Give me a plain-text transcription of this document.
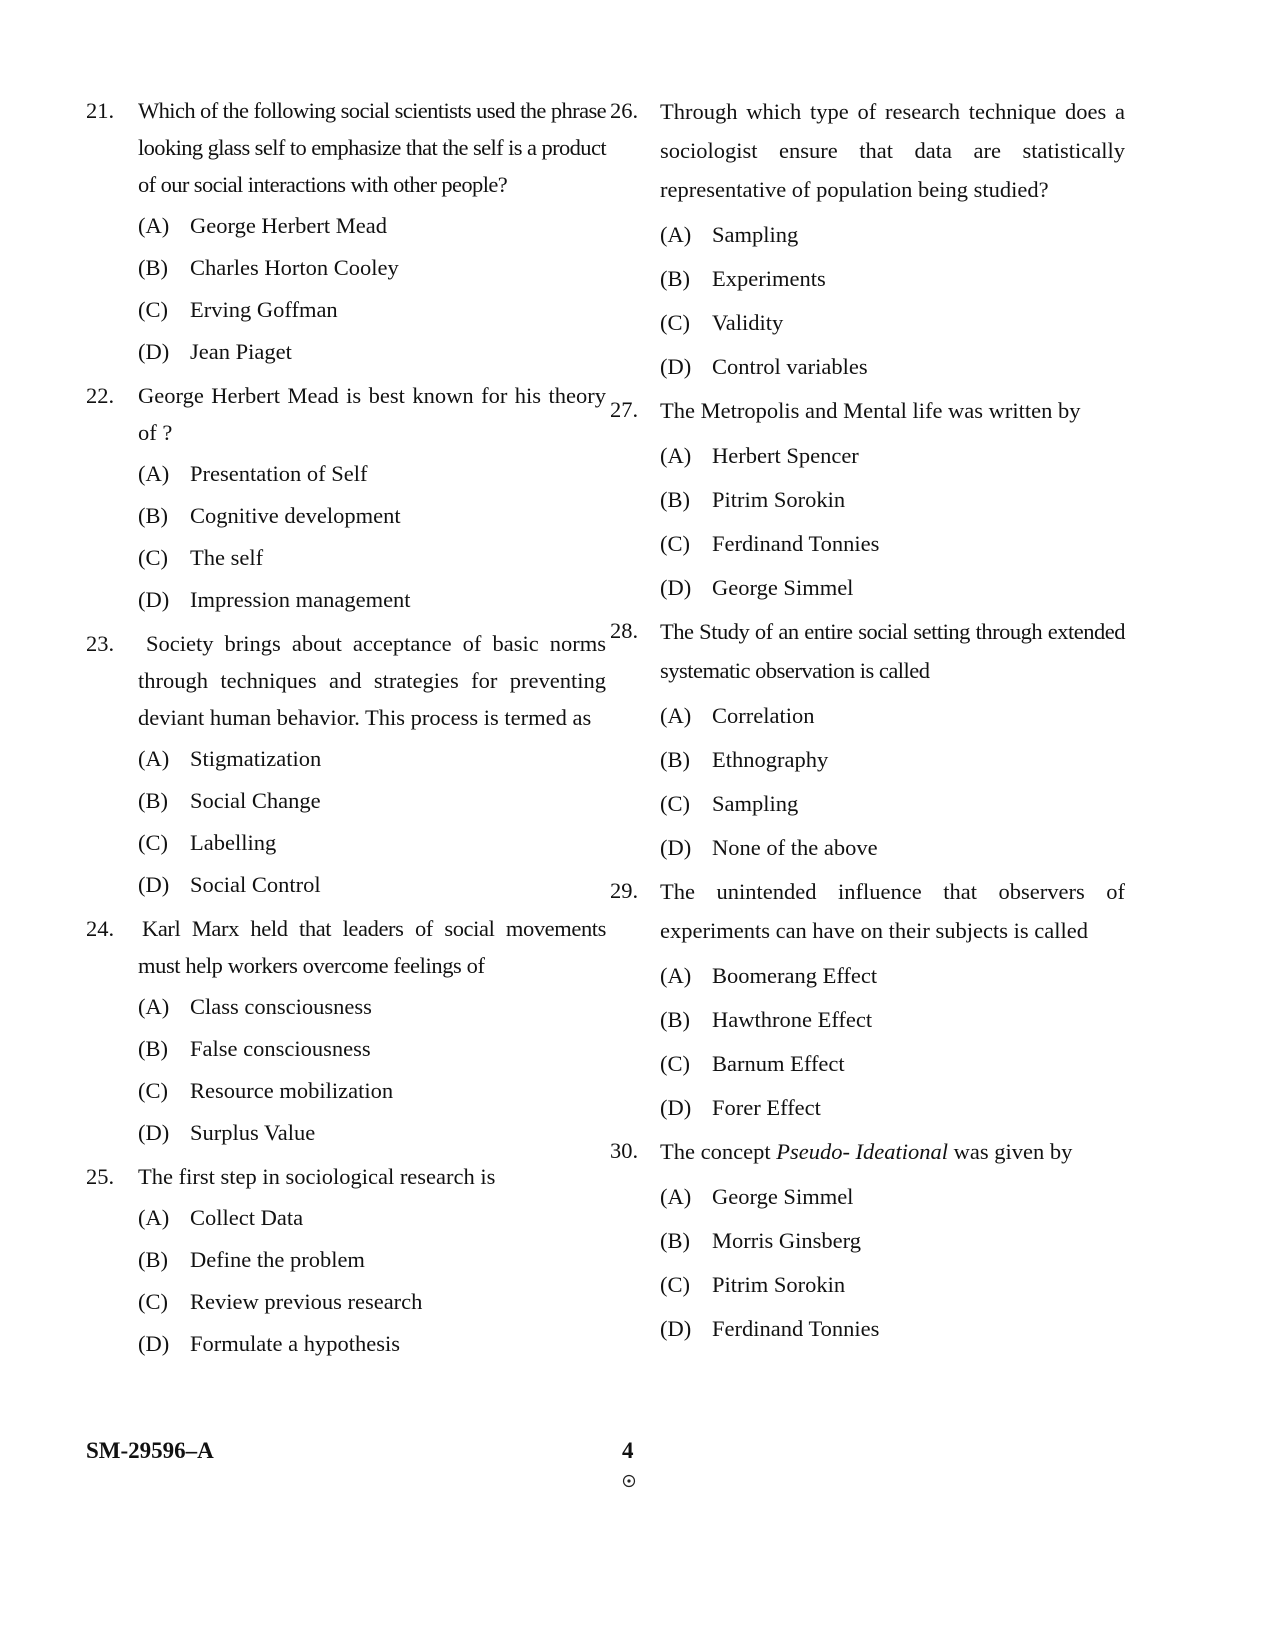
21. Which of the following social scientists used the phrase looking glass self to emphasize that the self is a product of our social interactions with other people?

(A) George Herbert Mead
(B) Charles Horton Cooley
(C) Erving Goffman
(D) Jean Piaget
22. George Herbert Mead is best known for his theory of ?

(A) Presentation of Self
(B) Cognitive development
(C) The self
(D) Impression management
23.	Society brings about acceptance of basic norms through techniques and strategies for preventing deviant human behavior. This process is termed as

(A) Stigmatization
(B) Social Change
(C) Labelling
(D) Social Control
24. Karl Marx held that leaders of social movements must help workers overcome feelings of

(A) Class consciousness
(B) False consciousness
(C) Resource mobilization
(D) Surplus Value
25. The first step in sociological research is

(A) Collect Data
(B) Define the problem
(C) Review previous research
(D) Formulate a hypothesis
26. Through which type of research technique does a sociologist ensure that data are statistically representative of population being studied?

(A) Sampling
(B) Experiments
(C) Validity
(D) Control variables
27. The Metropolis and Mental life was written by

(A) Herbert Spencer
(B) Pitrim Sorokin
(C) Ferdinand Tonnies
(D) George Simmel
28. The Study of an entire social setting through extended systematic observation is called

(A) Correlation
(B) Ethnography
(C) Sampling
(D) None of the above
29. The unintended influence that observers of experiments can have on their subjects is called

(A) Boomerang Effect
(B) Hawthrone Effect
(C) Barnum Effect
(D) Forer Effect
30. The concept Pseudo- Ideational was given by

(A) George Simmel
(B) Morris Ginsberg
(C) Pitrim Sorokin
(D) Ferdinand Tonnies
SM-29596–A	4
